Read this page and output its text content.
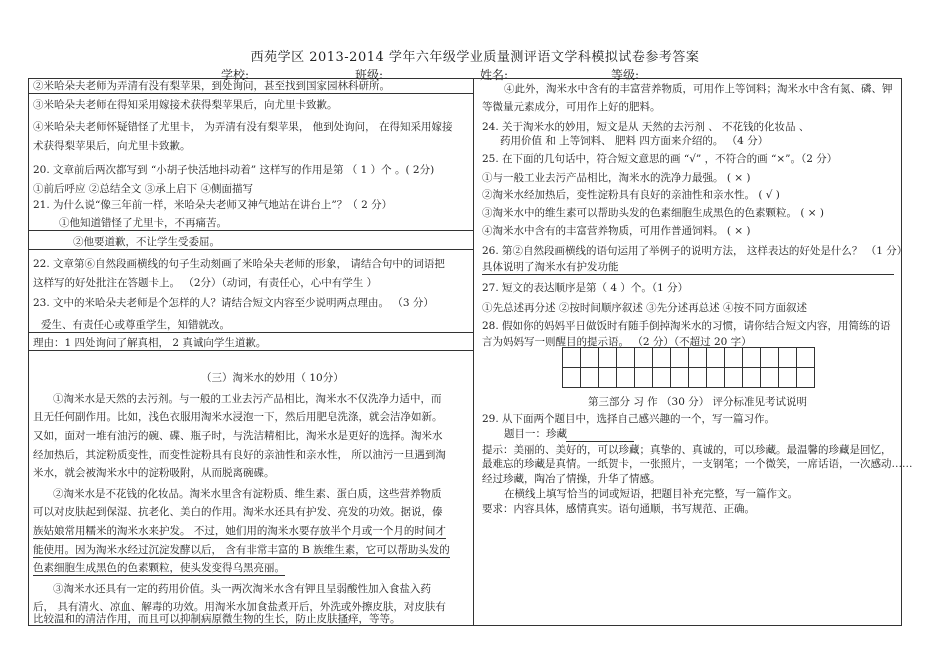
西苑学区 2013-2014 学年六年级学业质量测评语文学科模拟试卷参考答案
学校:	班级:	姓名:	等级:
②米哈朵夫老师为弄清有没有梨苹果，到处询问，甚至找到国家园林科研所。
③米哈朵夫老师在得知采用嫁接术获得梨苹果后，向尤里卡致歉。
④米哈朵夫老师怀疑错怪了尤里卡， 为弄清有没有梨苹果， 他到处询问， 在得知采用嫁接
术获得梨苹果后，向尤里卡致歉。
20. 文章前后两次都写到 “小胡子快活地抖动着” 这样写的作用是第 （ 1 ）个 。( 2分)
①前后呼应 ②总结全文 ③承上启下 ④侧面描写
21. 为什么说“像三年前一样，米哈朵夫老师又神气地站在讲台上”？（ 2 分）
①他知道错怪了尤里卡，不再痛苦。
②他要道歉，不让学生受委屈。
22. 文章第⑥自然段画横线的句子生动刻画了米哈朵夫老师的形象， 请结合句中的词语把
这样写的好处批注在答题卡上。 （2分）（动词，有责任心，心中有学生 ）
23. 文中的米哈朵夫老师是个怎样的人？请结合短文内容至少说明两点理由。 （3 分）
爱生、有责任心或尊重学生，知错就改。
理由：1 四处询问了解真相， 2 真诚向学生道歉。
（三）淘米水的妙用（ 10分）
①淘米水是天然的去污剂。与一般的工业去污产品相比，淘米水不仅洗净力适中，而
且无任何副作用。比如，浅色衣服用淘米水浸泡一下，然后用肥皂洗涤，就会洁净如新。
又如，面对一堆有油污的碗、碟、瓶子时，与洗洁精相比，淘米水是更好的选择。淘米水
经加热后，其淀粉质变性，而变性淀粉具有良好的亲油性和亲水性， 所以油污一旦遇到淘
米水，就会被淘米水中的淀粉吸附，从而脱离碗碟。
②淘米水是不花钱的化妆品。淘米水里含有淀粉质、维生素、蛋白质，这些营养物质
可以对皮肤起到保湿、抗老化、美白的作用。淘米水还具有护发、亮发的功效。据说，傣
族姑娘常用糯米的淘米水来护发。 不过，她们用的淘米水要存放半个月或一个月的时间才
能使用。因为淘米水经过沉淀发酵以后， 含有非常丰富的 B 族维生素，它可以帮助头发的
色素细胞生成黑色的色素颗粒，使头发变得乌黑亮丽。
③淘米水还具有一定的药用价值。头一两次淘米水含有钾且呈弱酸性加入食盐入药
后， 具有清火、凉血、解毒的功效。用淘米水加食盐煮开后，外洗或外擦皮肤，对皮肤有
比较温和的清洁作用，而且可以抑制病原微生物的生长，防止皮肤搔痒，等等。
④此外，淘米水中含有的丰富营养物质，可用作上等饲料；淘米水中含有氮、磷、钾
等微量元素成分，可用作上好的肥料。
24. 关于淘米水的妙用，短文是从 天然的去污剂 、 不花钱的化妆品 、
药用价值 和 上等饲料、 肥料 四方面来介绍的。 （4 分）
25. 在下面的几句话中，符合短文意思的画 “√” ，不符合的画 “×”。（2 分）
①与一般工业去污产品相比，淘米水的洗净力最强。 ( × )
②淘米水经加热后，变性淀粉具有良好的亲油性和亲水性。 ( √ )
③淘米水中的维生素可以帮助头发的色素细胞生成黑色的色素颗粒。 ( × )
④淘米水中含有的丰富营养物质，可用作普通饲料。 ( × )
26. 第②自然段画横线的语句运用了举例子的说明方法， 这样表达的好处是什么？ （1 分）
具体说明了淘米水有护发功能
27. 短文的表达顺序是第（ 4 ）个。（1 分）
①先总述再分述 ②按时间顺序叙述 ③先分述再总述 ④按不同方面叙述
28. 假如你的妈妈平日做饭时有随手倒掉淘米水的习惯，请你结合短文内容，用简练的语
言为妈妈写一则醒目的提示语。 （2 分）（不超过 20 字）

第三部分 习 作 （30 分） 评分标准见考试说明
29. 从下面两个题目中，选择自己感兴趣的一个，写一篇习作。
题目一：珍藏
提示：美丽的、美好的，可以珍藏；真挚的、真诚的，可以珍藏。最温馨的珍藏是回忆，
最难忘的珍藏是真情。一纸贺卡，一张照片，一支钢笔；一个微笑，一席话语，一次感动……
经过珍藏，陶冶了情操，升华了情感。
在横线上填写恰当的词或短语，把题目补充完整，写一篇作文。
要求：内容具体，感情真实。语句通顺，书写规范、正确。
